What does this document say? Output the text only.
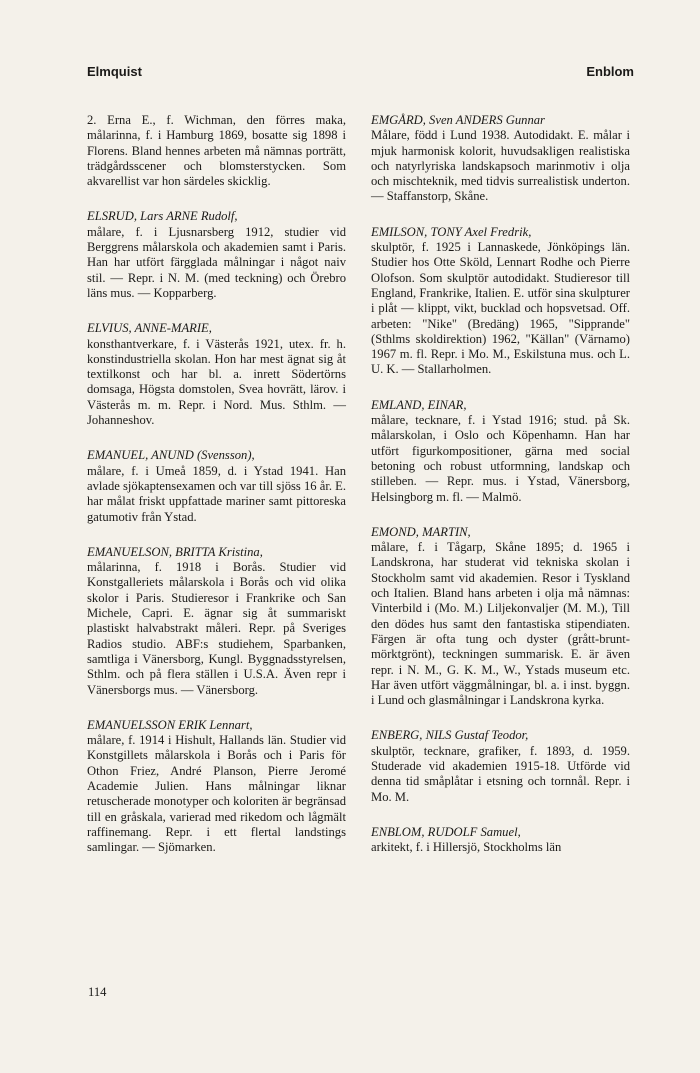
Elmquist	Enblom
2. Erna E., f. Wichman, den förres maka, målarinna, f. i Hamburg 1869, bosatte sig 1898 i Florens. Bland hennes arbeten må nämnas porträtt, trädgårdsscener och blomsterstycken. Som akvarellist var hon särdeles skicklig.
ELSRUD, Lars ARNE Rudolf,
målare, f. i Ljusnarsberg 1912, studier vid Berggrens målarskola och akademien samt i Paris. Han har utfört färgglada målningar i något naiv stil. — Repr. i N. M. (med teckning) och Örebro läns mus. — Kopparberg.
ELVIUS, ANNE-MARIE,
konsthantverkare, f. i Västerås 1921, utex. fr. h. konstindustriella skolan. Hon har mest ägnat sig åt textilkonst och har bl. a. inrett Södertörns domsaga, Högsta domstolen, Svea hovrätt, lärov. i Västerås m. m. Repr. i Nord. Mus. Sthlm. — Johanneshov.
EMANUEL, ANUND (Svensson),
målare, f. i Umeå 1859, d. i Ystad 1941. Han avlade sjökaptensexamen och var till sjöss 16 år. E. har målat friskt uppfattade mariner samt pittoreska gatumotiv från Ystad.
EMANUELSON, BRITTA Kristina,
målarinna, f. 1918 i Borås. Studier vid Konstgalleriets målarskola i Borås och vid olika skolor i Paris. Studieresor i Frankrike och San Michele, Capri. E. ägnar sig åt summariskt plastiskt halvabstrakt måleri. Repr. på Sveriges Radios studio. ABF:s studiehem, Sparbanken, samtliga i Vänersborg, Kungl. Byggnadsstyrelsen, Sthlm. och på flera ställen i U.S.A. Även repr i Vänersborgs mus. — Vänersborg.
EMANUELSSON ERIK Lennart,
målare, f. 1914 i Hishult, Hallands län. Studier vid Konstgillets målarskola i Borås och i Paris för Othon Friez, André Planson, Pierre Jeromé Academie Julien. Hans målningar liknar retuscherade monotyper och koloriten är begränsad till en gråskala, varierad med rikedom och lågmält raffinemang. Repr. i ett flertal landstings samlingar. — Sjömarken.
EMGÅRD, Sven ANDERS Gunnar
Målare, född i Lund 1938. Autodidakt. E. målar i mjuk harmonisk kolorit, huvudsakligen realistiska och natyrlyriska landskapsoch marinmotiv i olja och mischteknik, med tidvis surrealistisk underton. — Staffanstorp, Skåne.
EMILSON, TONY Axel Fredrik,
skulptör, f. 1925 i Lannaskede, Jönköpings län. Studier hos Otte Sköld, Lennart Rodhe och Pierre Olofson. Som skulptör autodidakt. Studieresor till England, Frankrike, Italien. E. utför sina skulpturer i plåt — klippt, vikt, bucklad och hopsvetsad. Off. arbeten: "Nike" (Bredäng) 1965, "Sipprande" (Sthlms skoldirektion) 1962, "Källan" (Värnamo) 1967 m. fl. Repr. i Mo. M., Eskilstuna mus. och L. U. K. — Stallarholmen.
EMLAND, EINAR,
målare, tecknare, f. i Ystad 1916; stud. på Sk. målarskolan, i Oslo och Köpenhamn. Han har utfört figurkompositioner, gärna med social betoning och robust utformning, landskap och stilleben. — Repr. mus. i Ystad, Vänersborg, Helsingborg m. fl. — Malmö.
EMOND, MARTIN,
målare, f. i Tågarp, Skåne 1895; d. 1965 i Landskrona, har studerat vid tekniska skolan i Stockholm samt vid akademien. Resor i Tyskland och Italien. Bland hans arbeten i olja må nämnas: Vinterbild i (Mo. M.) Liljekonvaljer (M. M.), Till den dödes hus samt den fantastiska stipendiaten. Färgen är ofta tung och dyster (grått-brunt-mörktgrönt), teckningen summarisk. E. är även repr. i N. M., G. K. M., W., Ystads museum etc. Har även utfört väggmålningar, bl. a. i inst. byggn. i Lund och glasmålningar i Landskrona kyrka.
ENBERG, NILS Gustaf Teodor,
skulptör, tecknare, grafiker, f. 1893, d. 1959. Studerade vid akademien 1915-18. Utförde vid denna tid småplåtar i etsning och tornnål. Repr. i Mo. M.
ENBLOM, RUDOLF Samuel,
arkitekt, f. i Hillersjö, Stockholms län
114
